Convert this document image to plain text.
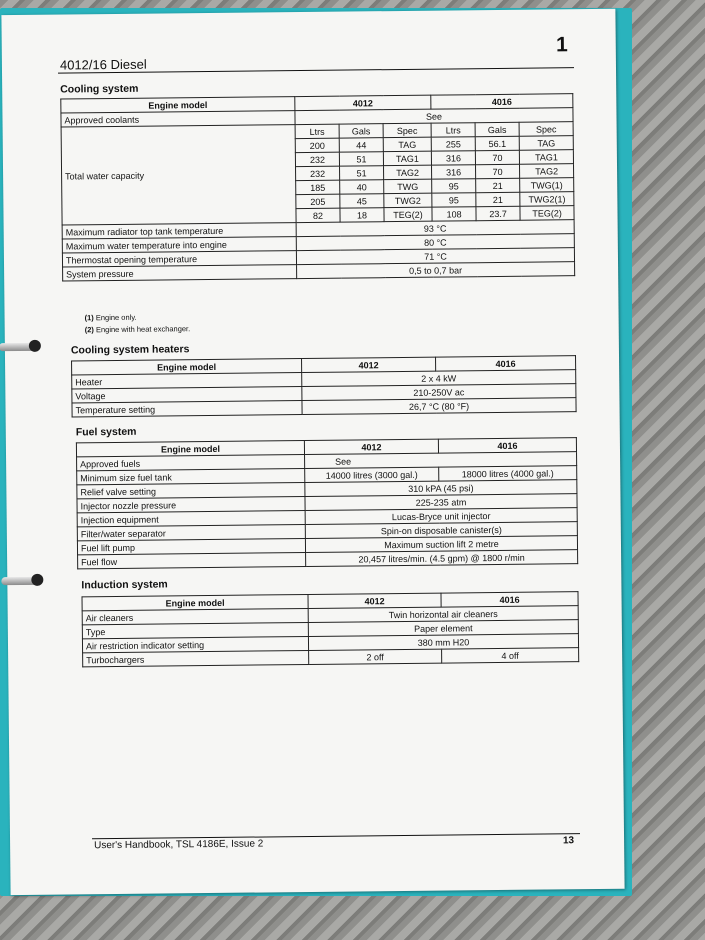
1
4012/16 Diesel
Cooling system
Engine model	4012			4016		
Approved coolants	See					
Total water capacity	Ltrs	Gals	Spec	Ltrs	Gals	Spec
	200	44	TAG	255	56.1	TAG
	232	51	TAG1	316	70	TAG1
	232	51	TAG2	316	70	TAG2
	185	40	TWG	95	21	TWG(1)
	205	45	TWG2	95	21	TWG2(1)
	82	18	TEG(2)	108	23.7	TEG(2)
Maximum radiator top tank temperature	93 °C					
Maximum water temperature into engine	80 °C					
Thermostat opening temperature	71 °C					
System pressure	0,5 to 0,7 bar					
(1) Engine only.
(2) Engine with heat exchanger.
Cooling system heaters
Engine model	4012	4016
Heater	2 x 4 kW	
Voltage	210-250V ac	
Temperature setting	26,7 °C (80 °F)	
Fuel system
Engine model	4012	4016
Approved fuels	See	
Minimum size fuel tank	14000 litres (3000 gal.)	18000 litres (4000 gal.)
Relief valve setting	310 kPA (45 psi)	
Injector nozzle pressure	225-235 atm	
Injection equipment	Lucas-Bryce unit injector	
Filter/water separator	Spin-on disposable canister(s)	
Fuel lift pump	Maximum suction lift 2 metre	
Fuel flow	20,457 litres/min. (4.5 gpm) @ 1800 r/min	
Induction system
Engine model	4012	4016
Air cleaners	Twin horizontal air cleaners	
Type	Paper element	
Air restriction indicator setting	380 mm H20	
Turbochargers	2 off	4 off
User's Handbook, TSL 4186E, Issue 2	13
